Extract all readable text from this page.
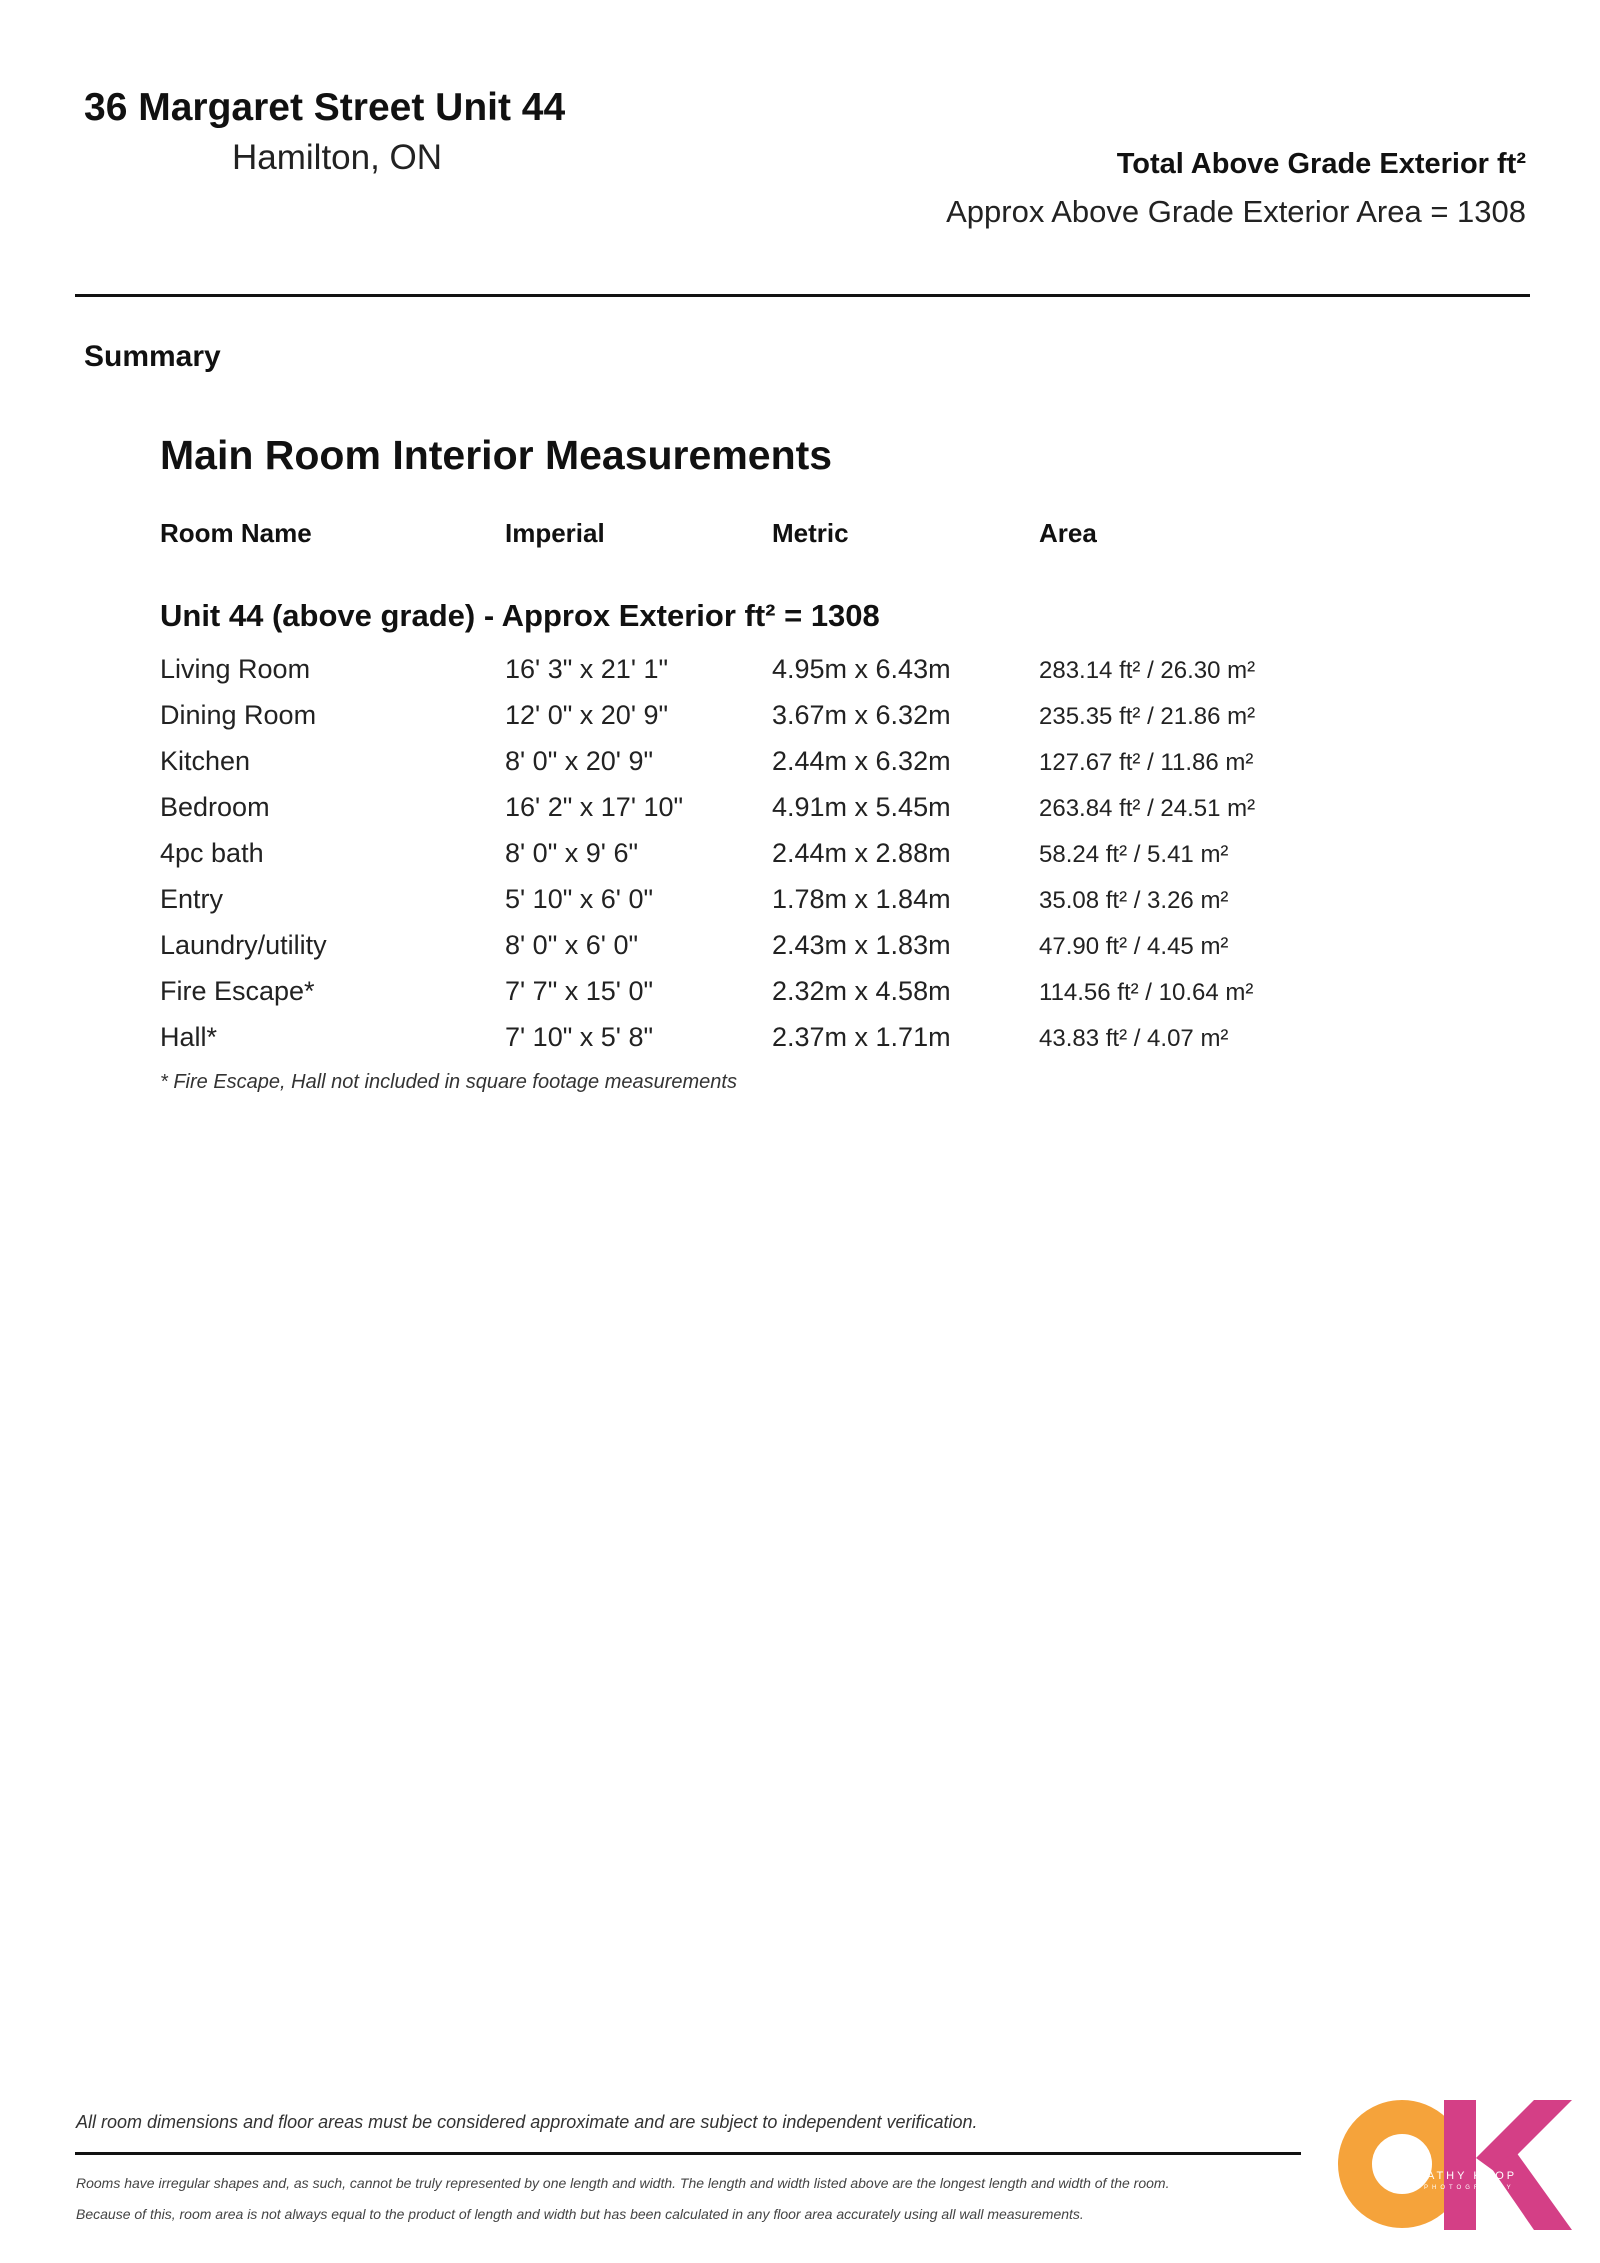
36 Margaret Street Unit 44
Hamilton, ON	Total Above Grade Exterior ft²
Approx Above Grade Exterior Area = 1308
Summary
Main Room Interior Measurements
Room Name	Imperial	Metric	Area
Unit 44 (above grade) - Approx Exterior ft² = 1308
Living Room	16' 3" x 21' 1"	4.95m x 6.43m	283.14 ft² / 26.30 m²
Dining Room	12' 0" x 20' 9"	3.67m x 6.32m	235.35 ft² / 21.86 m²
Kitchen	8' 0" x 20' 9"	2.44m x 6.32m	127.67 ft² / 11.86 m²
Bedroom	16' 2" x 17' 10"	4.91m x 5.45m	263.84 ft² / 24.51 m²
4pc bath	8' 0" x 9' 6"	2.44m x 2.88m	58.24 ft² / 5.41 m²
Entry	5' 10" x 6' 0"	1.78m x 1.84m	35.08 ft² / 3.26 m²
Laundry/utility	8' 0" x 6' 0"	2.43m x 1.83m	47.90 ft² / 4.45 m²
Fire Escape*	7' 7" x 15' 0"	2.32m x 4.58m	114.56 ft² / 10.64 m²
Hall*	7' 10" x 5' 8"	2.37m x 1.71m	43.83 ft² / 4.07 m²
* Fire Escape, Hall not included in square footage measurements
All room dimensions and floor areas must be considered approximate and are subject to independent verification.
Rooms have irregular shapes and, as such, cannot be truly represented by one length and width. The length and width listed above are the longest length and width of the room.
Because of this, room area is not always equal to the product of length and width but has been calculated in any floor area accurately using all wall measurements.
CATHY KOOP
PHOTOGRAPHY
